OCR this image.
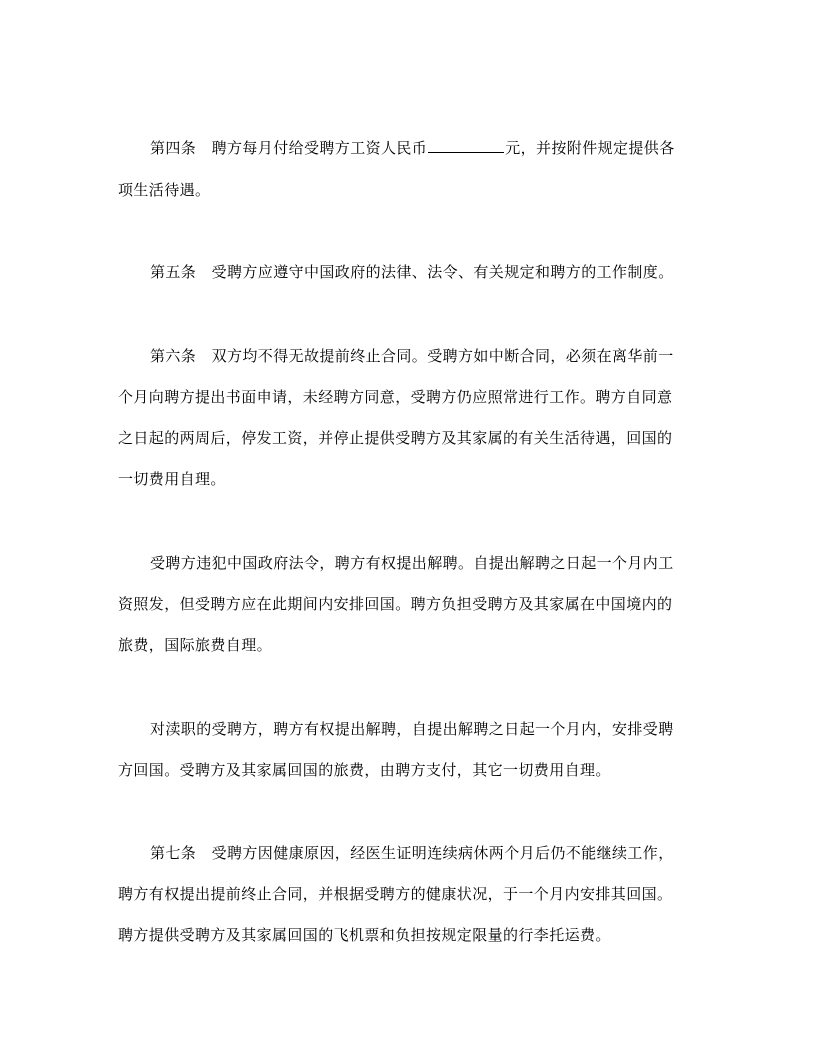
第四条　聘方每月付给受聘方工资人民币	元，并按附件规定提供各
项生活待遇。
第五条　受聘方应遵守中国政府的法律、法令、有关规定和聘方的工作制度。
第六条　双方均不得无故提前终止合同。受聘方如中断合同，必须在离华前一
个月向聘方提出书面申请，未经聘方同意，受聘方仍应照常进行工作。聘方自同意
之日起的两周后，停发工资，并停止提供受聘方及其家属的有关生活待遇，回国的
一切费用自理。
受聘方违犯中国政府法令，聘方有权提出解聘。自提出解聘之日起一个月内工
资照发，但受聘方应在此期间内安排回国。聘方负担受聘方及其家属在中国境内的
旅费，国际旅费自理。
对渎职的受聘方，聘方有权提出解聘，自提出解聘之日起一个月内，安排受聘
方回国。受聘方及其家属回国的旅费，由聘方支付，其它一切费用自理。
第七条　受聘方因健康原因，经医生证明连续病休两个月后仍不能继续工作，
聘方有权提出提前终止合同，并根据受聘方的健康状况，于一个月内安排其回国。
聘方提供受聘方及其家属回国的飞机票和负担按规定限量的行李托运费。
